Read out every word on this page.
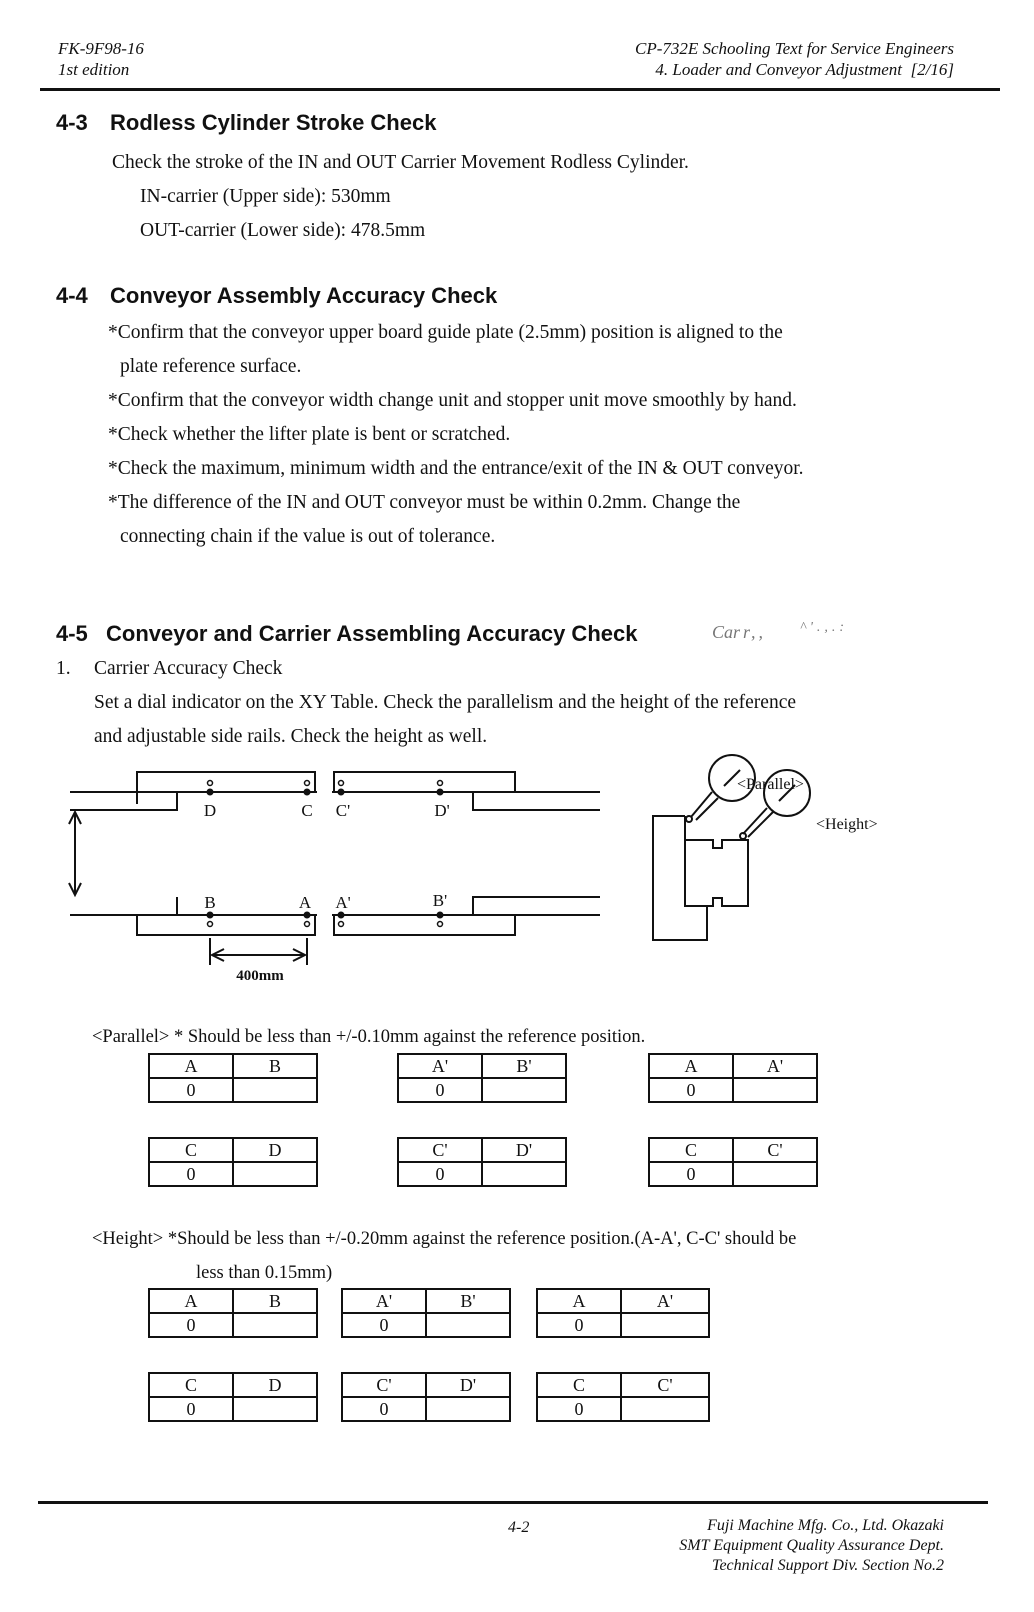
FK-9F98-16
1st edition
CP-732E Schooling Text for Service Engineers
4. Loader and Conveyor Adjustment  [2/16]
4-3 Rodless Cylinder Stroke Check
Check the stroke of the IN and OUT Carrier Movement Rodless Cylinder.
IN-carrier (Upper side): 530mm
OUT-carrier (Lower side): 478.5mm
4-4 Conveyor Assembly Accuracy Check
*Confirm that the conveyor upper board guide plate (2.5mm) position is aligned to the
plate reference surface.
*Confirm that the conveyor width change unit and stopper unit move smoothly by hand.
*Check whether the lifter plate is bent or scratched.
*Check the maximum, minimum width and the entrance/exit of the IN & OUT conveyor.
*The difference of the IN and OUT conveyor must be within 0.2mm. Change the
connecting chain if the value is out of tolerance.
4-5 Conveyor and Carrier Assembling Accuracy Check	Carr,, ^'.,.:
1. Carrier Accuracy Check
Set a dial indicator on the XY Table. Check the parallelism and the height of the reference
and adjustable side rails. Check the height as well.
D	C C'	D'
B	A A'	B'
400mm
<Parallel>
<Height>
<Parallel> * Should be less than +/-0.10mm against the reference position.
A	B
0	
A'	B'
0	
A	A'
0	
C	D
0	
C'	D'
0	
C	C'
0	
<Height> *Should be less than +/-0.20mm against the reference position.(A-A', C-C' should be
less than 0.15mm)
A	B
0	
A'	B'
0	
A	A'
0	
C	D
0	
C'	D'
0	
C	C'
0	
4-2	Fuji Machine Mfg. Co., Ltd. Okazaki
SMT Equipment Quality Assurance Dept.
Technical Support Div. Section No.2
